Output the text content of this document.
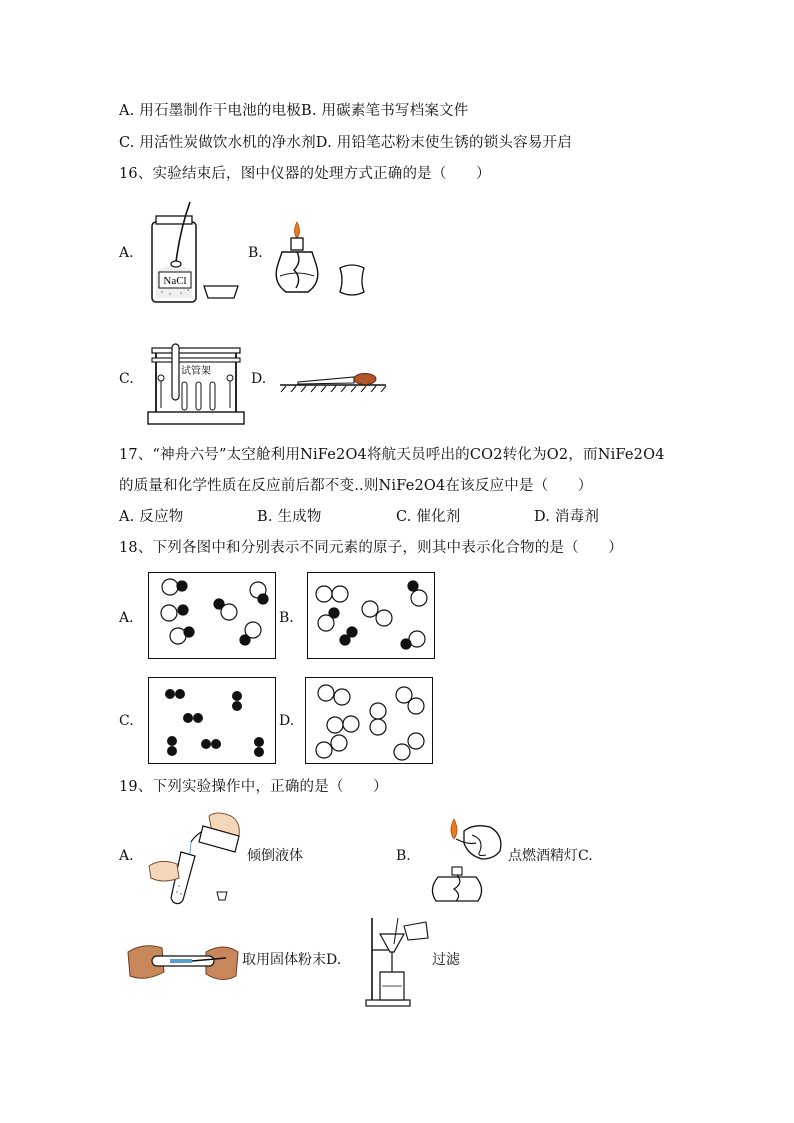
A. 用石墨制作干电池的电极B. 用碳素笔书写档案文件
C. 用活性炭做饮水机的净水剂D. 用铅笔芯粉末使生锈的锁头容易开启
16、实验结束后，图中仪器的处理方式正确的是（　　）
A.
NaCl
B.
C.	试管架	D.
17、“神舟六号”太空舱利用NiFe2O4将航天员呼出的CO2转化为O2，而NiFe2O4
的质量和化学性质在反应前后都不变..则NiFe2O4在该反应中是（　　）
A. 反应物	B. 生成物	C. 催化剂	D. 消毒剂
18、下列各图中和分别表示不同元素的原子，则其中表示化合物的是（　　）
A.	B.
C.	D.
19、下列实验操作中，正确的是（　　）
A.	倾倒液体	B.	点燃酒精灯C.
取用固体粉末D.	过滤
